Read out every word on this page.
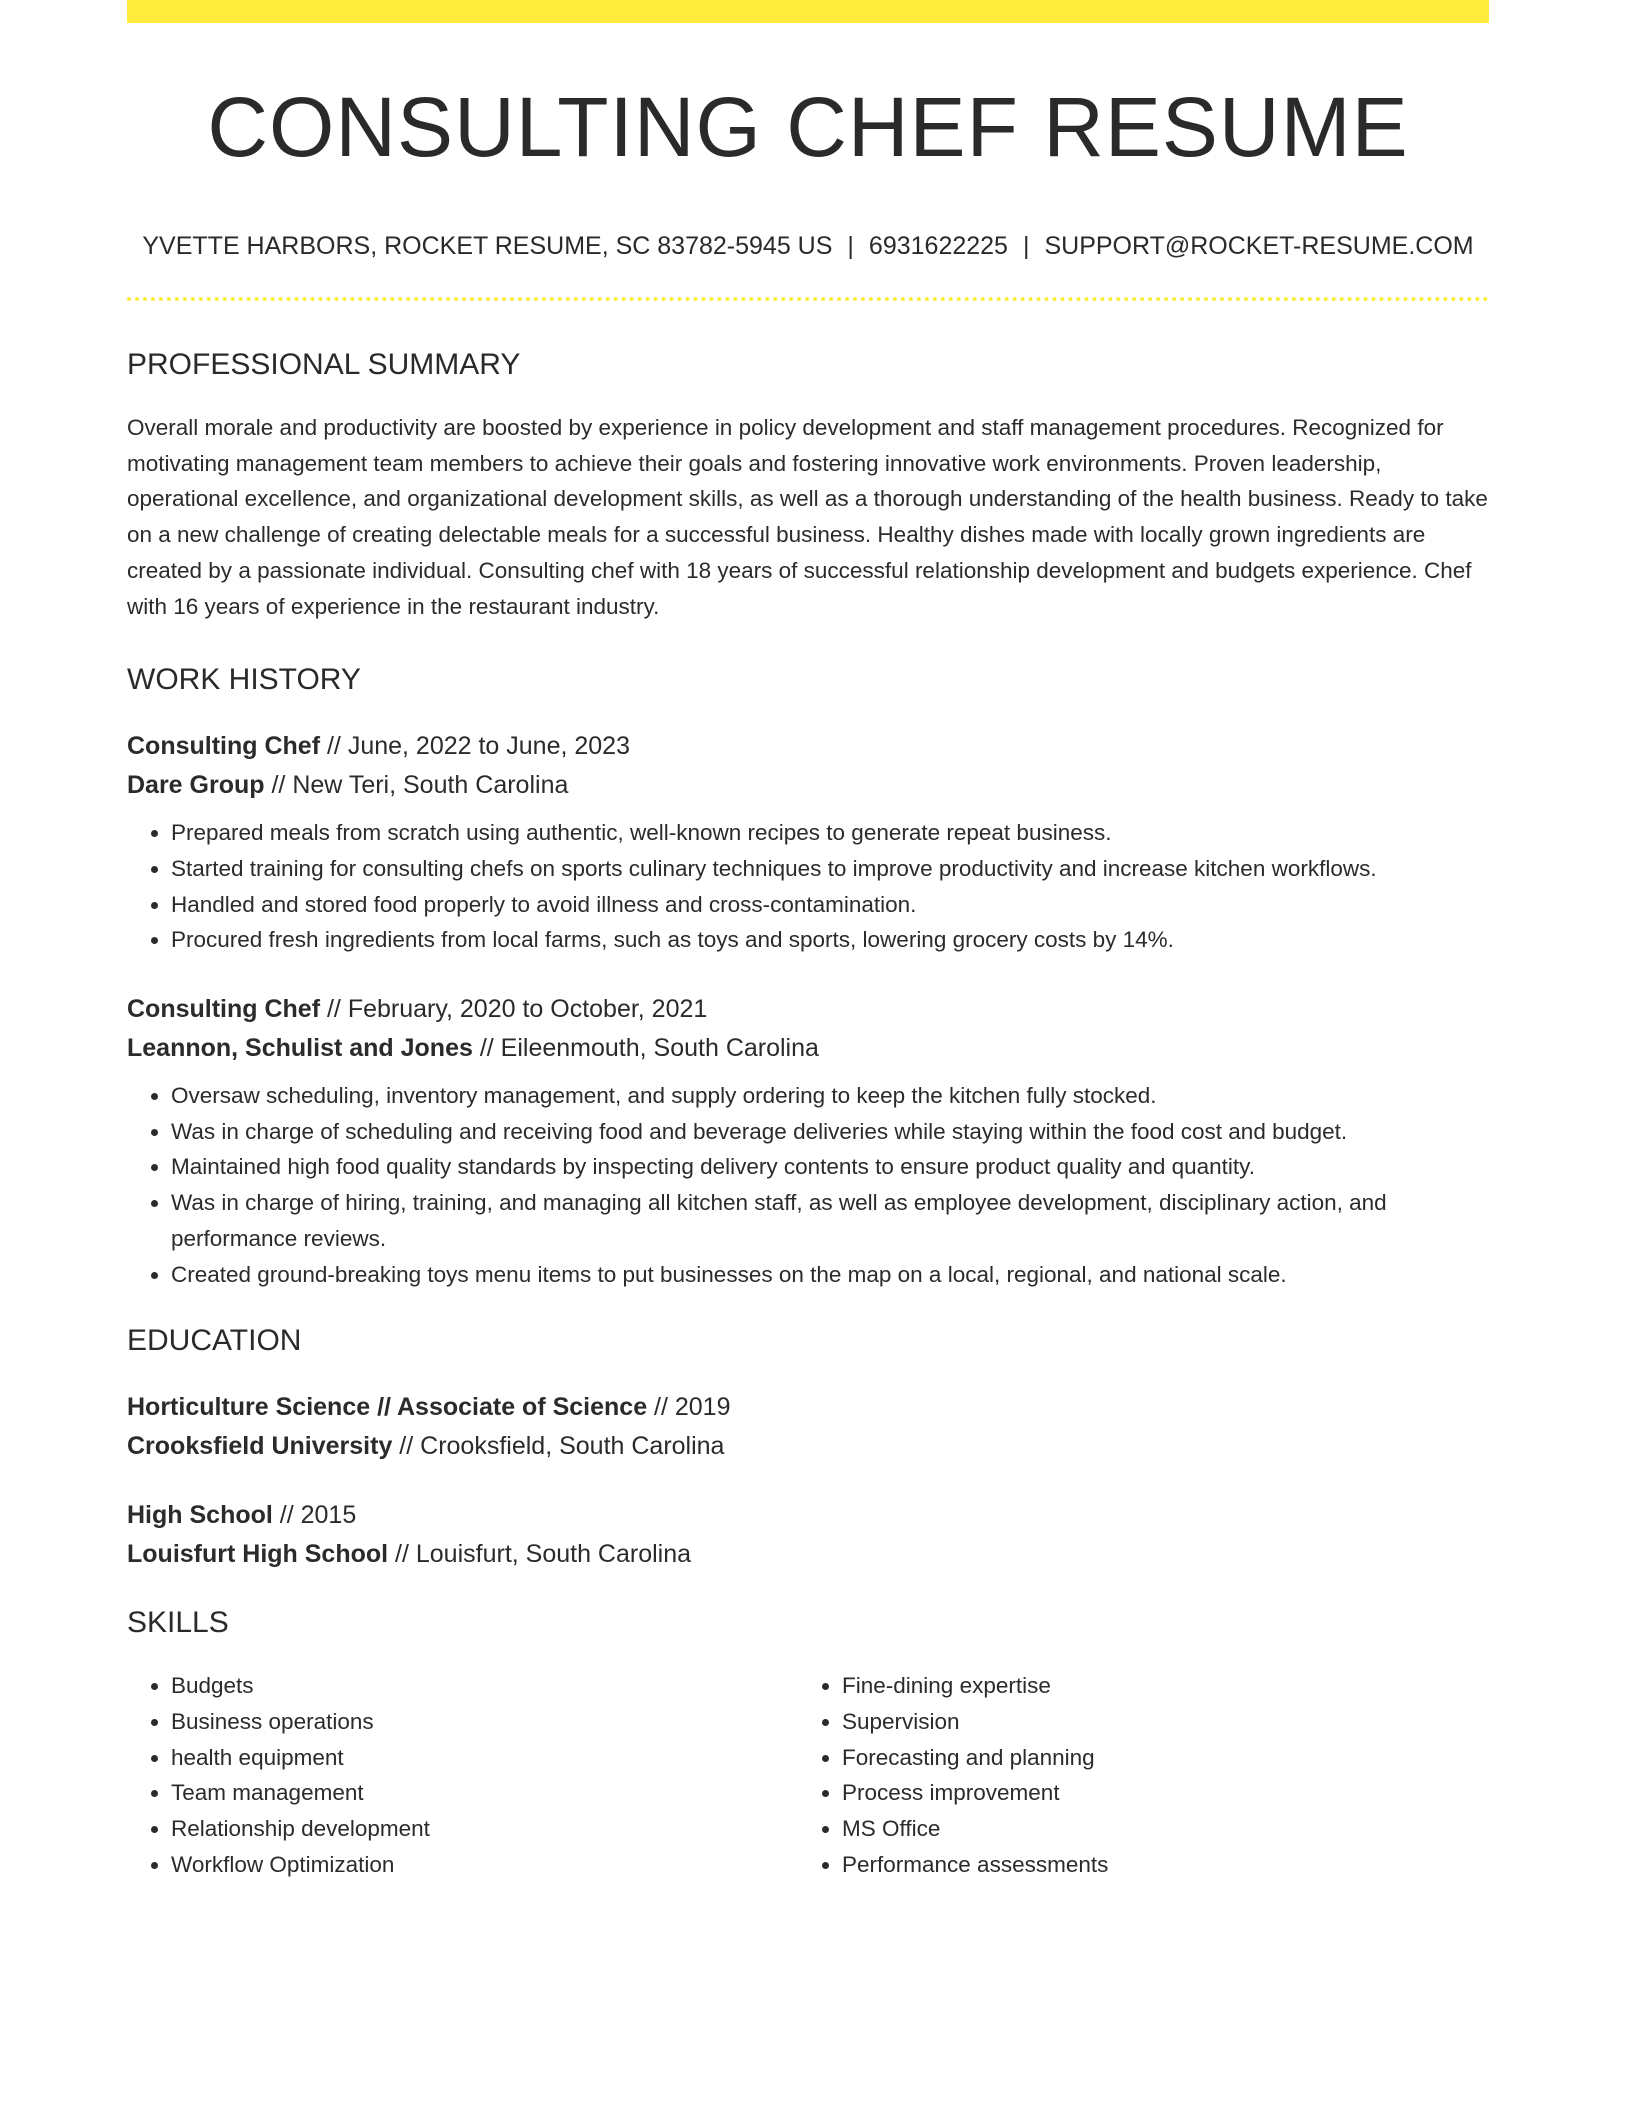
CONSULTING CHEF RESUME
YVETTE HARBORS, ROCKET RESUME, SC 83782-5945 US | 6931622225 | SUPPORT@ROCKET-RESUME.COM
PROFESSIONAL SUMMARY
Overall morale and productivity are boosted by experience in policy development and staff management procedures. Recognized for motivating management team members to achieve their goals and fostering innovative work environments. Proven leadership, operational excellence, and organizational development skills, as well as a thorough understanding of the health business. Ready to take on a new challenge of creating delectable meals for a successful business. Healthy dishes made with locally grown ingredients are created by a passionate individual. Consulting chef with 18 years of successful relationship development and budgets experience. Chef with 16 years of experience in the restaurant industry.
WORK HISTORY
Consulting Chef // June, 2022 to June, 2023
Dare Group // New Teri, South Carolina
• Prepared meals from scratch using authentic, well-known recipes to generate repeat business.
• Started training for consulting chefs on sports culinary techniques to improve productivity and increase kitchen workflows.
• Handled and stored food properly to avoid illness and cross-contamination.
• Procured fresh ingredients from local farms, such as toys and sports, lowering grocery costs by 14%.
Consulting Chef // February, 2020 to October, 2021
Leannon, Schulist and Jones // Eileenmouth, South Carolina
• Oversaw scheduling, inventory management, and supply ordering to keep the kitchen fully stocked.
• Was in charge of scheduling and receiving food and beverage deliveries while staying within the food cost and budget.
• Maintained high food quality standards by inspecting delivery contents to ensure product quality and quantity.
• Was in charge of hiring, training, and managing all kitchen staff, as well as employee development, disciplinary action, and performance reviews.
• Created ground-breaking toys menu items to put businesses on the map on a local, regional, and national scale.
EDUCATION
Horticulture Science // Associate of Science // 2019
Crooksfield University // Crooksfield, South Carolina
High School // 2015
Louisfurt High School // Louisfurt, South Carolina
SKILLS
• Budgets
• Business operations
• health equipment
• Team management
• Relationship development
• Workflow Optimization
• Fine-dining expertise
• Supervision
• Forecasting and planning
• Process improvement
• MS Office
• Performance assessments
